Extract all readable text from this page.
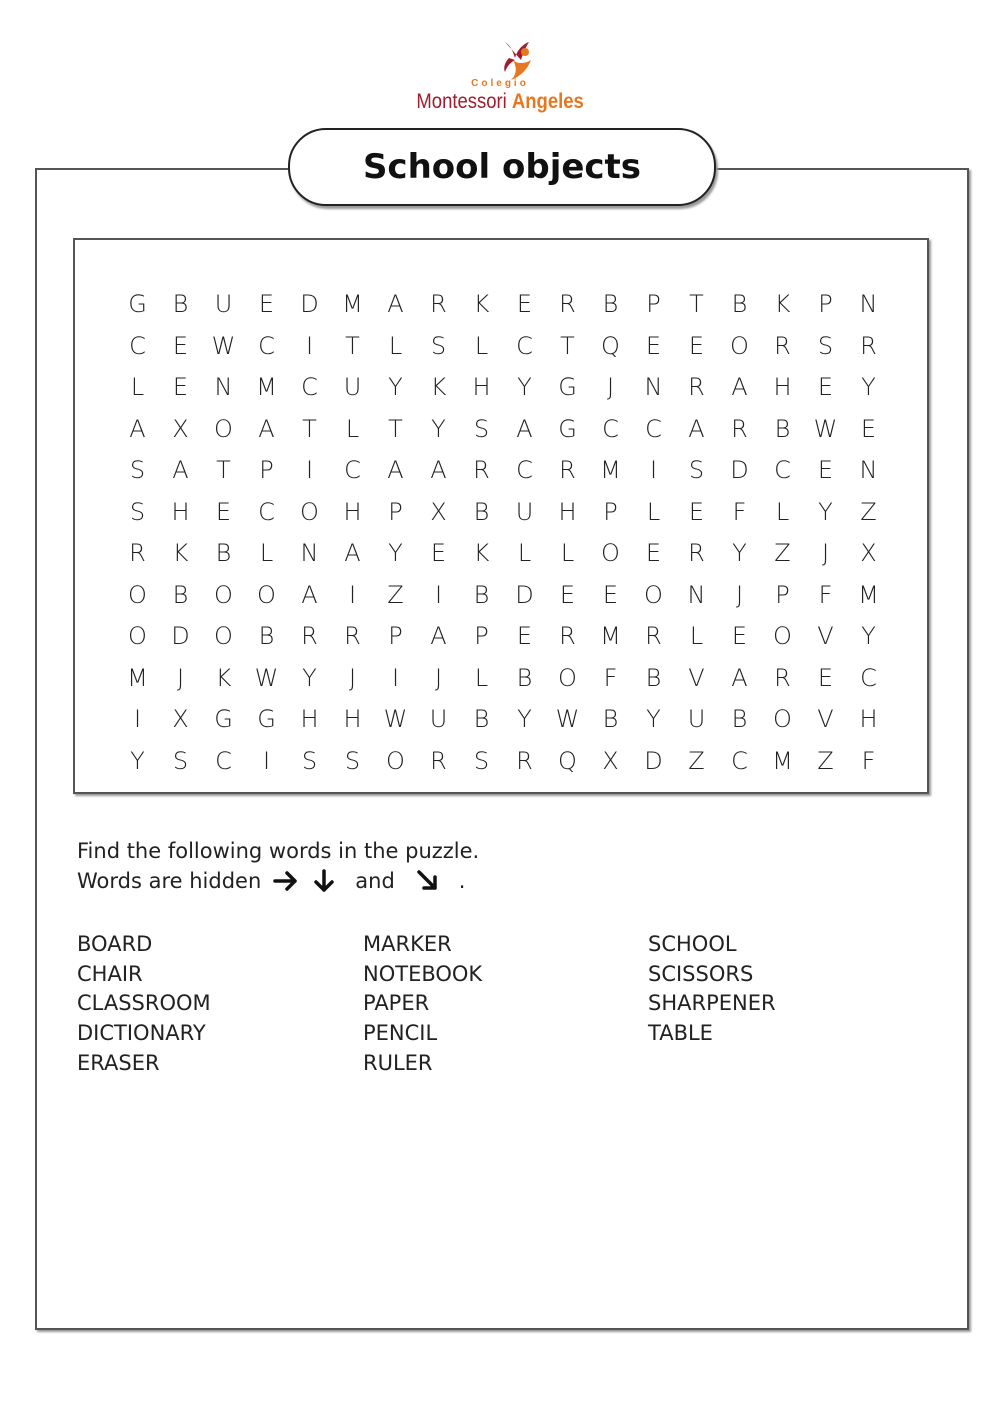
Colegio
Montessori Angeles
School objects
G	B	U	E	D M	A	R	K	E	R	B	P	T	B	K	P	N
C	E W C	I	T	L	S	L	C	T	Q	E	E	O	R	S	R
L	E	N M	C	U	Y	K	H	Y	G	J	N	R	A	H	E	Y
A	X	O	A	T	L	T	Y	S	A	G	C	C	A	R	B W E
S	A	T	P	I	C	A	A	R	C	R	M	I	S	D	C	E	N
S	H	E	C	O	H	P	X	B	U	H	P	L	E	F	L	Y	Z
R	K	B	L	N	A	Y	E	K	L	L	O	E	R	Y	Z	J	X
O	B	O	O	A	I	Z	I	B	D	E	E	O	N	J	P	F	M
O	D	O	B	R	R	P	A	P	E	R	M	R	L	E	O	V	Y
M	J	K W Y	J	I	J	L	B	O	F	B	V	A	R	E	C
I	X	G	G	H	H W U	B	Y W B	Y	U	B	O	V	H
Y	S	C	I	S	S	O	R	S	R	Q	X	D	Z	C	M	Z	F
Find the following words in the puzzle.
Words are hidden	and	.
BOARD
CHAIR
CLASSROOM
DICTIONARY
ERASER
MARKER
NOTEBOOK
PAPER
PENCIL
RULER
SCHOOL
SCISSORS
SHARPENER
TABLE
